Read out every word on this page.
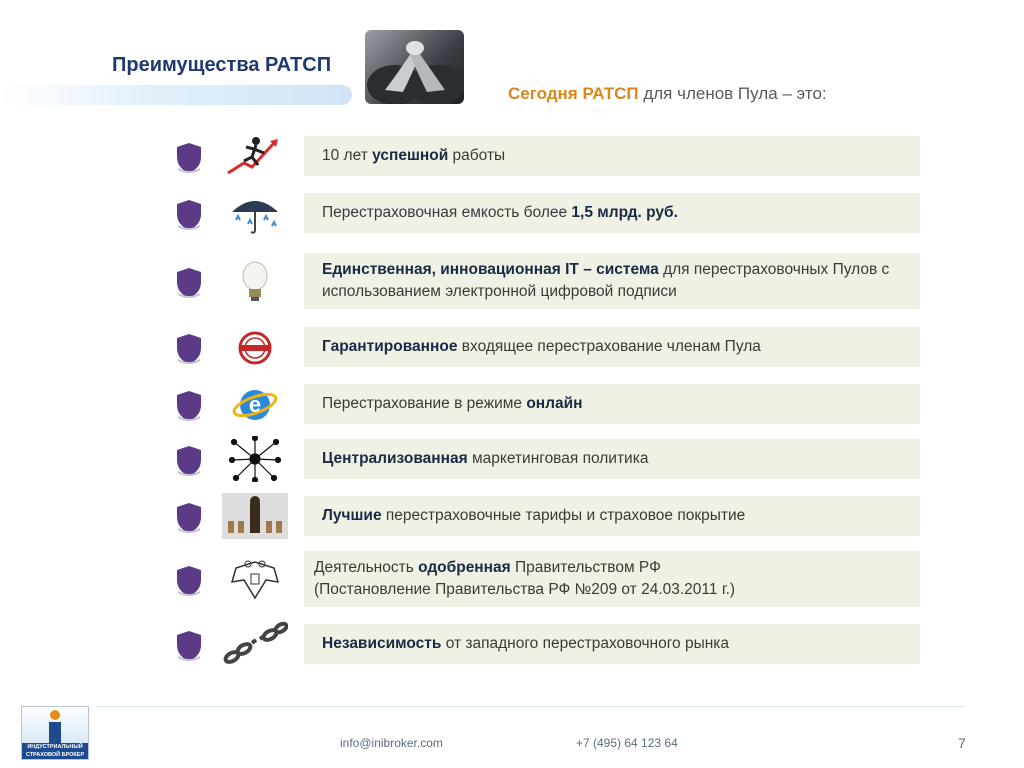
Преимущества РАТСП
Сегодня РАТСП для членов Пула – это:
10 лет успешной работы
Перестраховочная емкость более 1,5 млрд. руб.
Единственная, инновационная IT – система для перестраховочных Пулов с использованием электронной цифровой подписи
Гарантированное входящее перестрахование членам Пула
e	Перестрахование в режиме онлайн
Централизованная маркетинговая политика
Лучшие перестраховочные тарифы и страховое покрытие
Деятельность одобренная Правительством РФ
(Постановление Правительства РФ №209 от 24.03.2011 г.)
Независимость от западного перестраховочного рынка
ИНДУСТРИАЛЬНЫЙ
СТРАХОВОЙ БРОКЕР
info@inibroker.com	+7 (495) 64 123 64	7
